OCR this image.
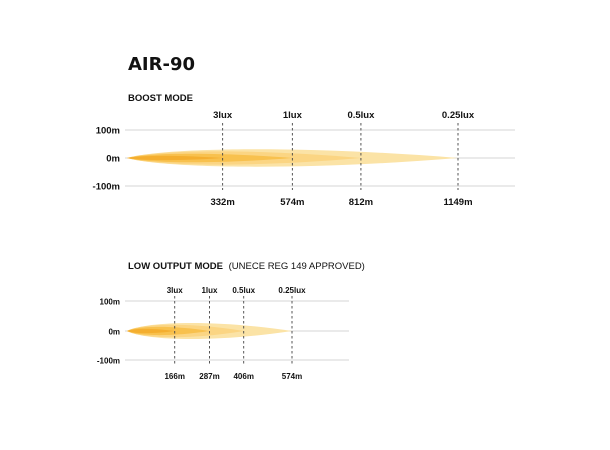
AIR-90
BOOST MODE
LOW OUTPUT MODE (UNECE REG 149 APPROVED)
100m
0m
-100m
3lux
332m
1lux
574m
0.5lux
812m
0.25lux
1149m
100m
0m
-100m
3lux
166m
1lux
287m
0.5lux
406m
0.25lux
574m
